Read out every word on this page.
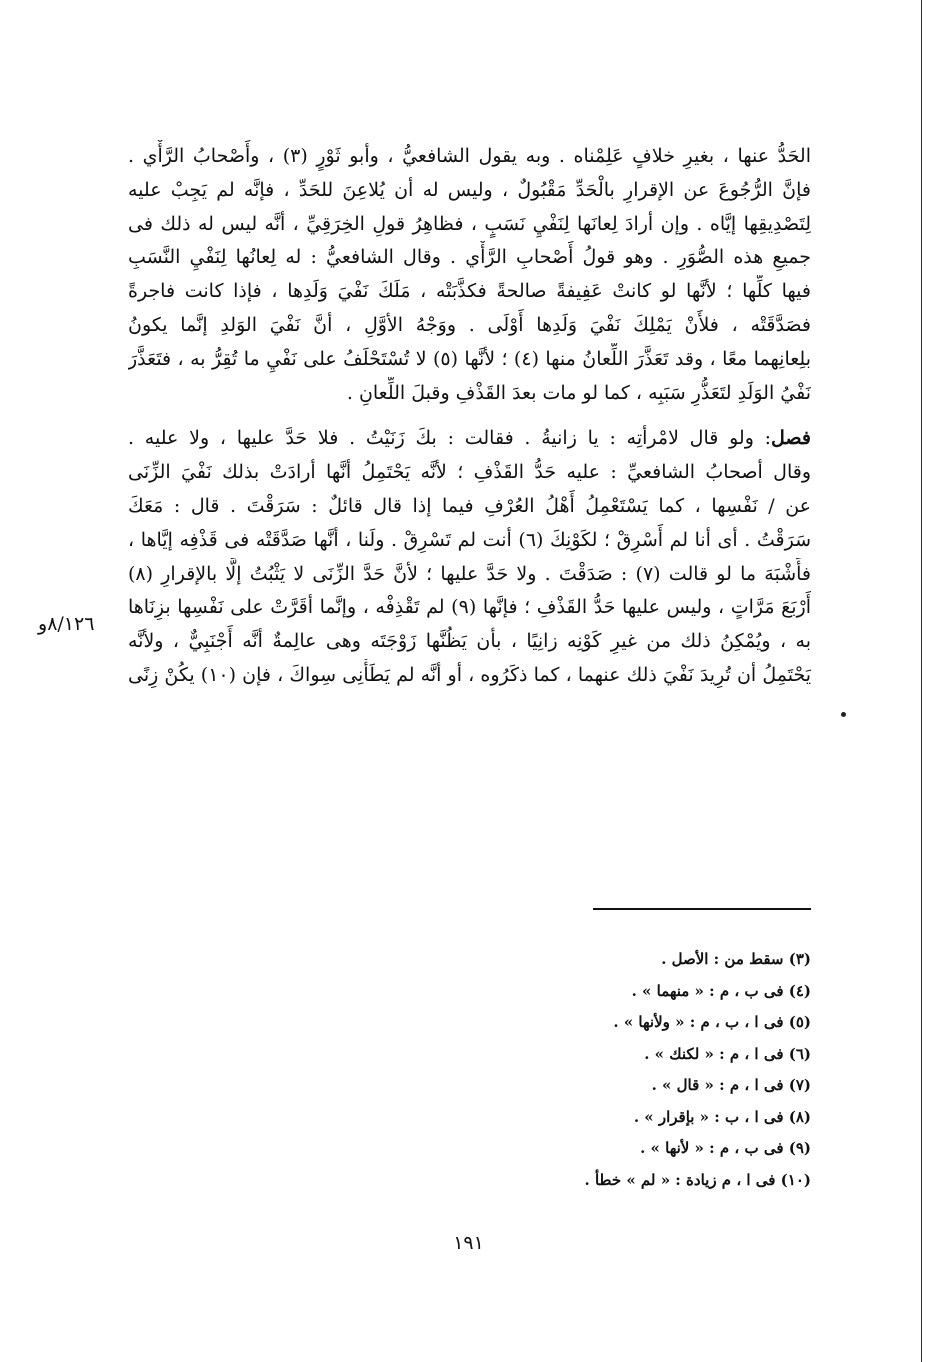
الحَدُّ عنها ، بغيرِ خلافٍ عَلِمْناه . وبه يقول الشافعيُّ ، وأبو ثَوْرٍ (٣) ، وأَصْحابُ الرَّأْي .
فإنَّ الرُّجُوعَ عن الإقرارِ بالْحَدِّ مَقْبُولٌ ، وليس له أن يُلاعِنَ للحَدِّ ، فإنَّه لم يَجِبْ عليه
لِتَصْدِيقِها إيَّاه . وإن أرادَ لِعانَها لِنَفْيِ نَسَبٍ ، فظاهِرُ قولِ الخِرَقِيِّ ، أنَّه ليس له ذلك فى
جميعِ هذه الصُّوَرِ . وهو قولُ أَصْحابِ الرَّأْي . وقال الشافعيُّ : له لِعانُها لِنَفْيِ النَّسَبِ
فيها كلِّها ؛ لأنَّها لو كانتْ عَفِيفةً صالحةً فكذَّبَتْه ، مَلَكَ نَفْيَ وَلَدِها ، فإذا كانت فاجرةً
فصَدَّقَتْه ، فلأَنْ يَمْلِكَ نَفْيَ وَلَدِها أَوْلَى . ووَجْهُ الأوَّلِ ، أنَّ نَفْيَ الوَلدِ إنَّما يكونُ
بلِعانِهما معًا ، وقد تَعَذَّرَ اللِّعانُ منها (٤) ؛ لأنَّها (٥) لا تُسْتَحْلَفُ على نَفْيِ ما تُقِرُّ به ، فتَعَذَّرَ
نَفْيُ الوَلَدِ لتَعَذُّرِ سَبَبِه ، كما لو مات بعدَ القَذْفِ وقبلَ اللِّعانِ .
فصل: ولو قال لامْرأتِه : يا زانيةُ . فقالت : بكَ زَنَيْتُ . فلا حَدَّ عليها ، ولا عليه .
وقال أصحابُ الشافعيِّ : عليه حَدُّ القَذْفِ ؛ لأنَّه يَحْتَمِلُ أنَّها أرادَتْ بذلك نَفْيَ الزِّنَى
عن / نَفْسِها ، كما يَسْتَعْمِلُ أَهْلُ العُرْفِ فيما إذا قال قائلٌ : سَرَقْتَ . قال : مَعَكَ
سَرَقْتُ . أى أنا لم أَسْرِقْ ؛ لكَوْنِكَ (٦) أنت لم تَسْرِقْ . ولَنا ، أنَّها صَدَّقَتْه فى قَذْفِه إيَّاها ،
فأَشْبَهَ ما لو قالت (٧) : صَدَقْتَ . ولا حَدَّ عليها ؛ لأنَّ حَدَّ الزِّنَى لا يَثْبُتُ إلَّا بالإقرارِ (٨)
أَرْبَعَ مَرَّاتٍ ، وليس عليها حَدُّ القَذْفِ ؛ فإنَّها (٩) لم تَقْذِفْه ، وإنَّما أقَرَّتْ على نَفْسِها بزِنَاها
به ، ويُمْكِنُ ذلك من غيرِ كَوْنِه زانِيًا ، بأن يَظُنَّها زَوْجَتَه وهى عالِمةٌ أنَّه أَجْنَبِيٌّ ، ولأنَّه
يَحْتَمِلُ أن تُرِيدَ نَفْيَ ذلك عنهما ، كما ذكَرُوه ، أو أنَّه لم يَطَأْنِى سِواكَ ، فإن (١٠) يكُنْ زِنًى
٨/١٢٦و
(٣) سقط من : الأصل .
(٤) فى ب ، م : « منهما » .
(٥) فى ا ، ب ، م : « ولأنها » .
(٦) فى ا ، م : « لكنك » .
(٧) فى ا ، م : « قال » .
(٨) فى ا ، ب : « بإقرار » .
(٩) فى ب ، م : « لأنها » .
(١٠) فى ا ، م زيادة : « لم » خطأ .
١٩١
